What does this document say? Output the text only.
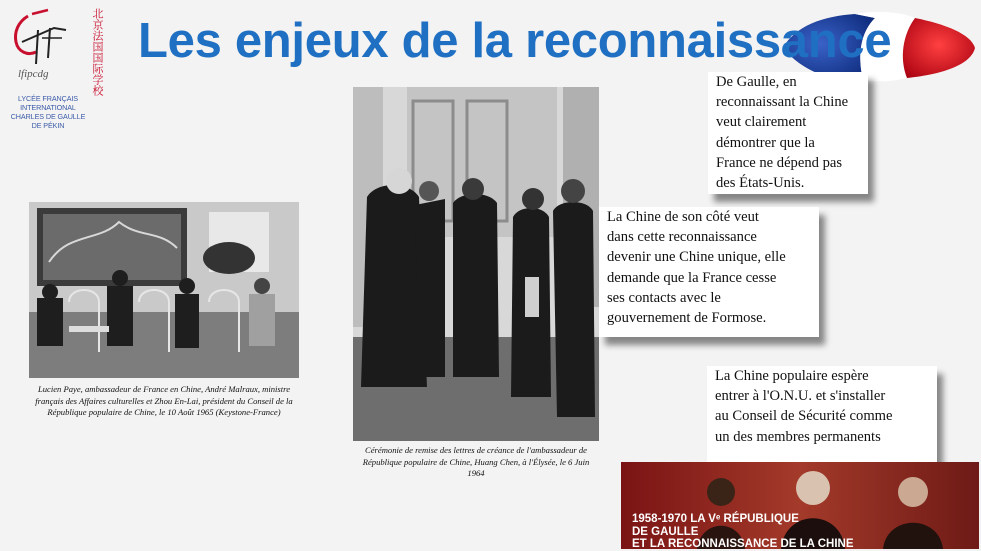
lfipcdg	北京法国国际学校
LYCÉE FRANÇAIS
INTERNATIONAL
CHARLES DE GAULLE
DE PÉKIN
Les enjeux de la reconnaissance
Lucien Paye, ambassadeur de France en Chine, André Malraux, ministre français des Affaires culturelles et Zhou En-Lai, président du Conseil de la République populaire de Chine, le 10 Août 1965 (Keystone-France)
Cérémonie de remise des lettres de créance de l'ambassadeur de République populaire de Chine, Huang Chen, à l'Élysée, le 6 Juin 1964
De Gaulle, en
reconnaissant la Chine
veut clairement
démontrer que la
France ne dépend pas
des États-Unis.
La Chine de son côté veut
dans cette reconnaissance
devenir une Chine unique, elle
demande que la France cesse
ses contacts avec le
gouvernement de Formose.
La Chine populaire espère
entrer à l'O.N.U. et s'installer
au Conseil de Sécurité comme
un des membres permanents
1958-1970 LA Vᵉ RÉPUBLIQUE
DE GAULLE
ET LA RECONNAISSANCE DE LA CHINE
